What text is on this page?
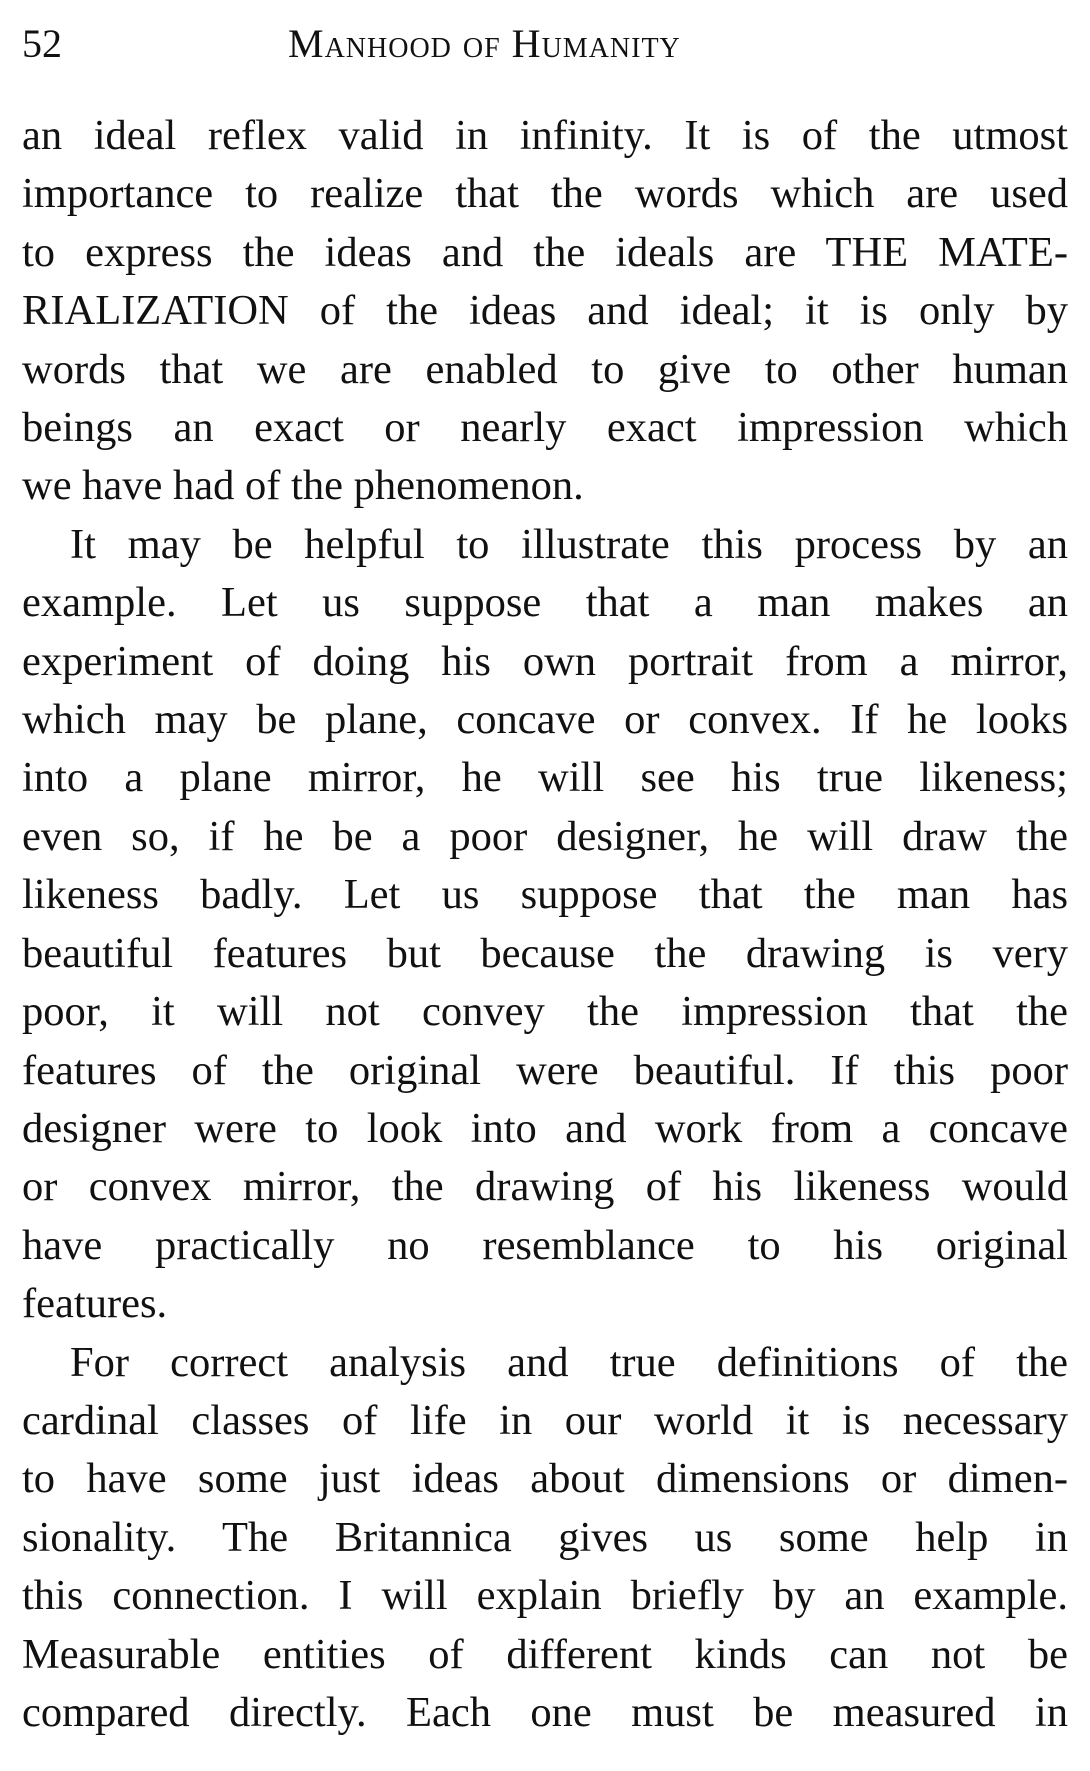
52	Manhood of Humanity

an ideal reflex valid in infinity. It is of the utmost
importance to realize that the words which are used
to express the ideas and the ideals are THE MATE-
RIALIZATION of the ideas and ideal; it is only by
words that we are enabled to give to other human
beings an exact or nearly exact impression which
we have had of the phenomenon.

It may be helpful to illustrate this process by an
example. Let us suppose that a man makes an
experiment of doing his own portrait from a mirror,
which may be plane, concave or convex. If he looks
into a plane mirror, he will see his true likeness;
even so, if he be a poor designer, he will draw the
likeness badly. Let us suppose that the man has
beautiful features but because the drawing is very
poor, it will not convey the impression that the
features of the original were beautiful. If this poor
designer were to look into and work from a concave
or convex mirror, the drawing of his likeness would
have practically no resemblance to his original
features.

For correct analysis and true definitions of the
cardinal classes of life in our world it is necessary
to have some just ideas about dimensions or dimen-
sionality. The Britannica gives us some help in
this connection. I will explain briefly by an example.
Measurable entities of different kinds can not be
compared directly. Each one must be measured in
